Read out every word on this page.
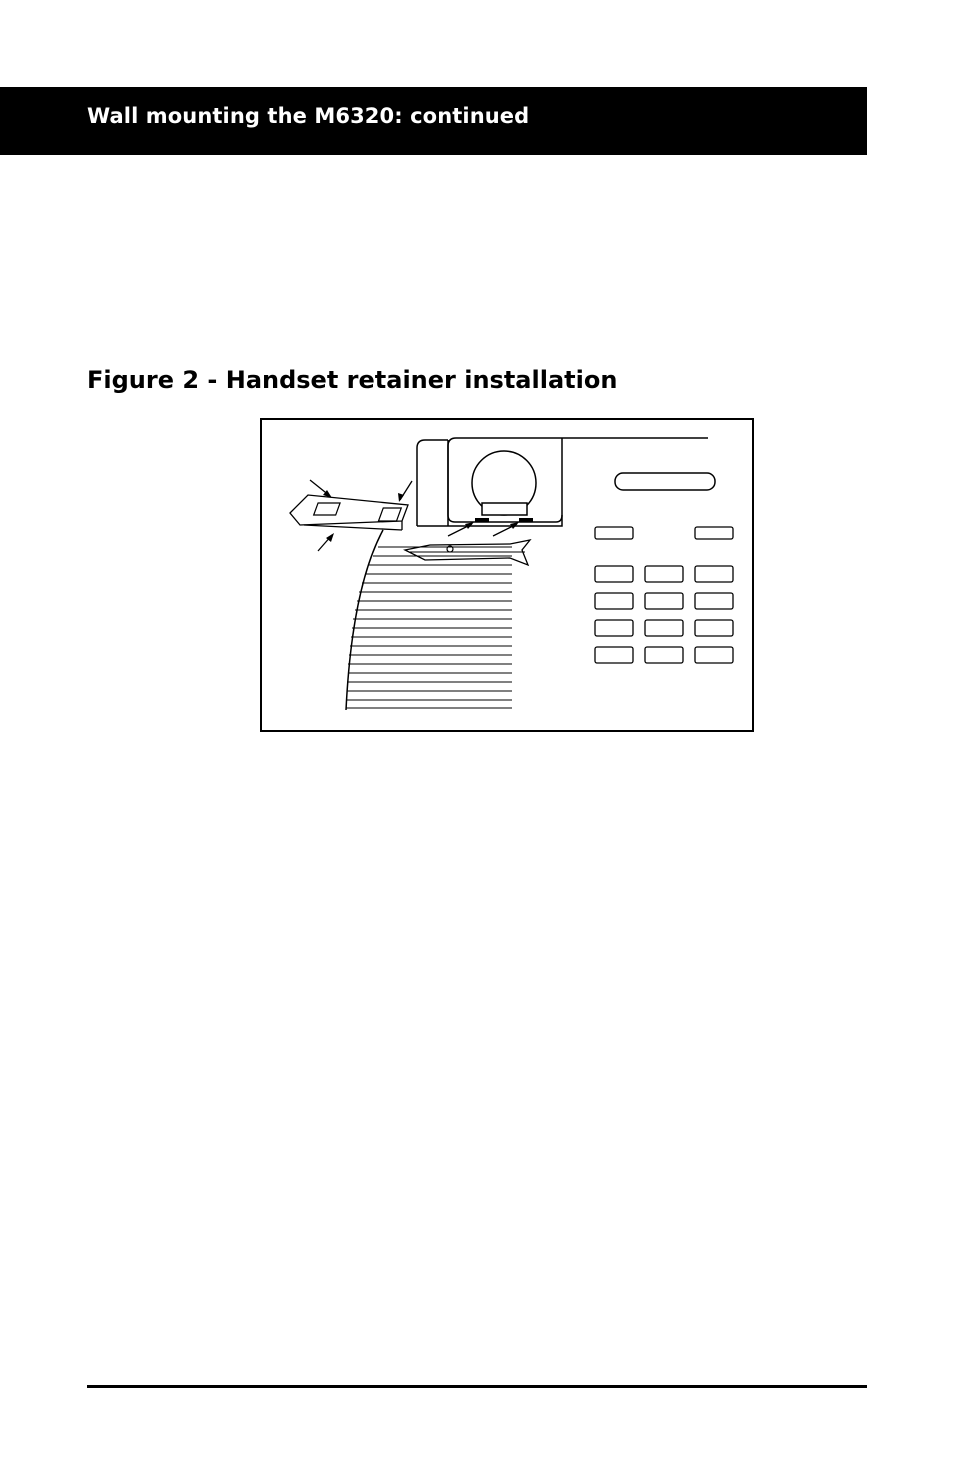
Wall mounting the M6320: continued
Figure 2 - Handset retainer installation
